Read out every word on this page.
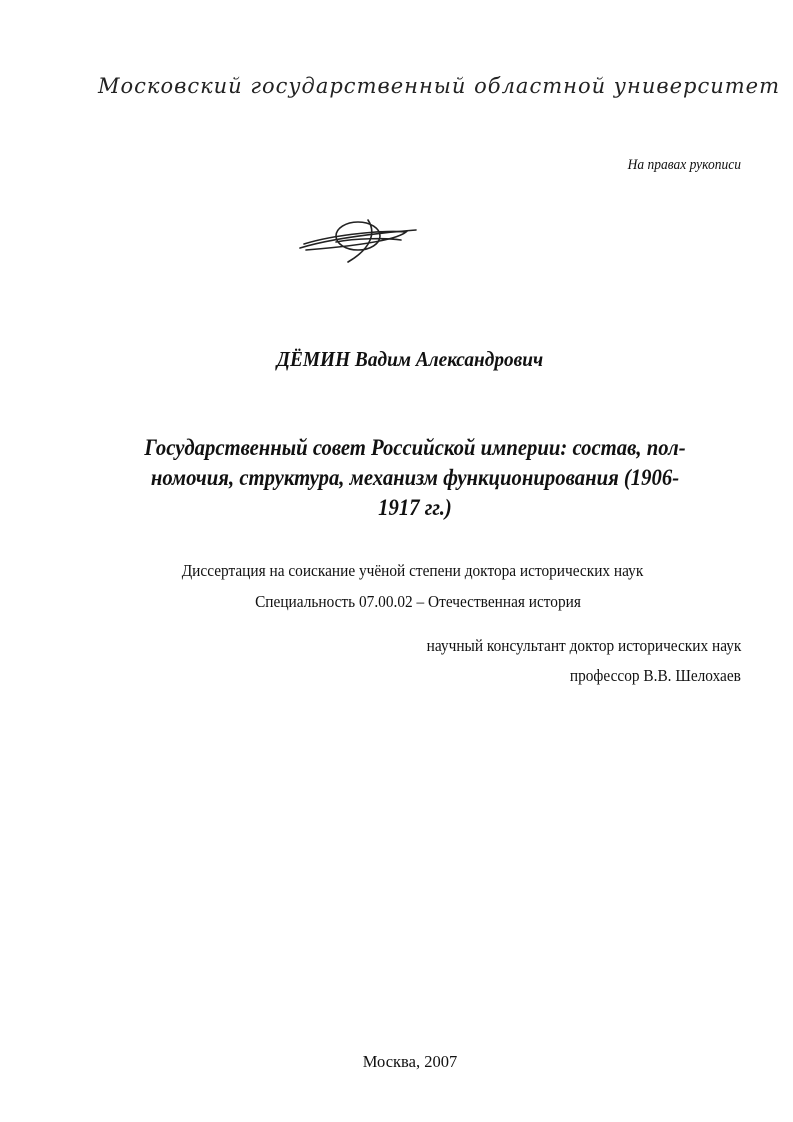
Московский государственный областной университет
На правах рукописи
ДЁМИН Вадим Александрович
Государственный совет Российской империи: состав, пол-
номочия, структура, механизм функционирования (1906-
1917 гг.)
Диссертация на соискание учёной степени доктора исторических наук
Специальность 07.00.02 – Отечественная история
научный консультант доктор исторических наук
профессор В.В. Шелохаев
Москва, 2007
